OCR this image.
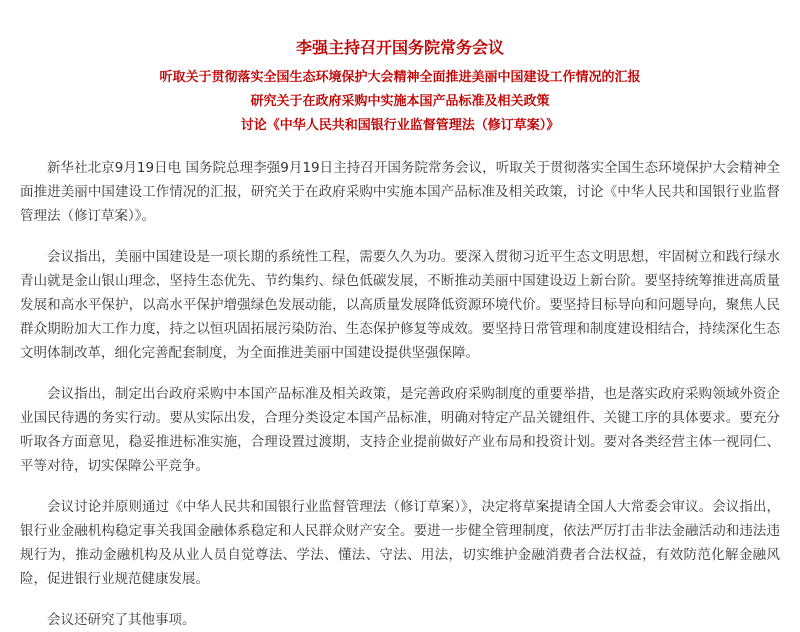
李强主持召开国务院常务会议

听取关于贯彻落实全国生态环境保护大会精神全面推进美丽中国建设工作情况的汇报

研究关于在政府采购中实施本国产品标准及相关政策

讨论《中华人民共和国银行业监督管理法（修订草案）》

新华社北京9月19日电 国务院总理李强9月19日主持召开国务院常务会议，听取关于贯彻落实全国生态环境保护大会精神全面推进美丽中国建设工作情况的汇报，研究关于在政府采购中实施本国产品标准及相关政策，讨论《中华人民共和国银行业监督管理法（修订草案）》。

会议指出，美丽中国建设是一项长期的系统性工程，需要久久为功。要深入贯彻习近平生态文明思想，牢固树立和践行绿水青山就是金山银山理念，坚持生态优先、节约集约、绿色低碳发展，不断推动美丽中国建设迈上新台阶。要坚持统筹推进高质量发展和高水平保护，以高水平保护增强绿色发展动能，以高质量发展降低资源环境代价。要坚持目标导向和问题导向，聚焦人民群众期盼加大工作力度，持之以恒巩固拓展污染防治、生态保护修复等成效。要坚持日常管理和制度建设相结合，持续深化生态文明体制改革，细化完善配套制度，为全面推进美丽中国建设提供坚强保障。

会议指出，制定出台政府采购中本国产品标准及相关政策，是完善政府采购制度的重要举措，也是落实政府采购领域外资企业国民待遇的务实行动。要从实际出发，合理分类设定本国产品标准，明确对特定产品关键组件、关键工序的具体要求。要充分听取各方面意见，稳妥推进标准实施，合理设置过渡期，支持企业提前做好产业布局和投资计划。要对各类经营主体一视同仁、平等对待，切实保障公平竞争。

会议讨论并原则通过《中华人民共和国银行业监督管理法（修订草案）》，决定将草案提请全国人大常委会审议。会议指出，银行业金融机构稳定事关我国金融体系稳定和人民群众财产安全。要进一步健全管理制度，依法严厉打击非法金融活动和违法违规行为，推动金融机构及从业人员自觉尊法、学法、懂法、守法、用法，切实维护金融消费者合法权益，有效防范化解金融风险，促进银行业规范健康发展。

会议还研究了其他事项。
